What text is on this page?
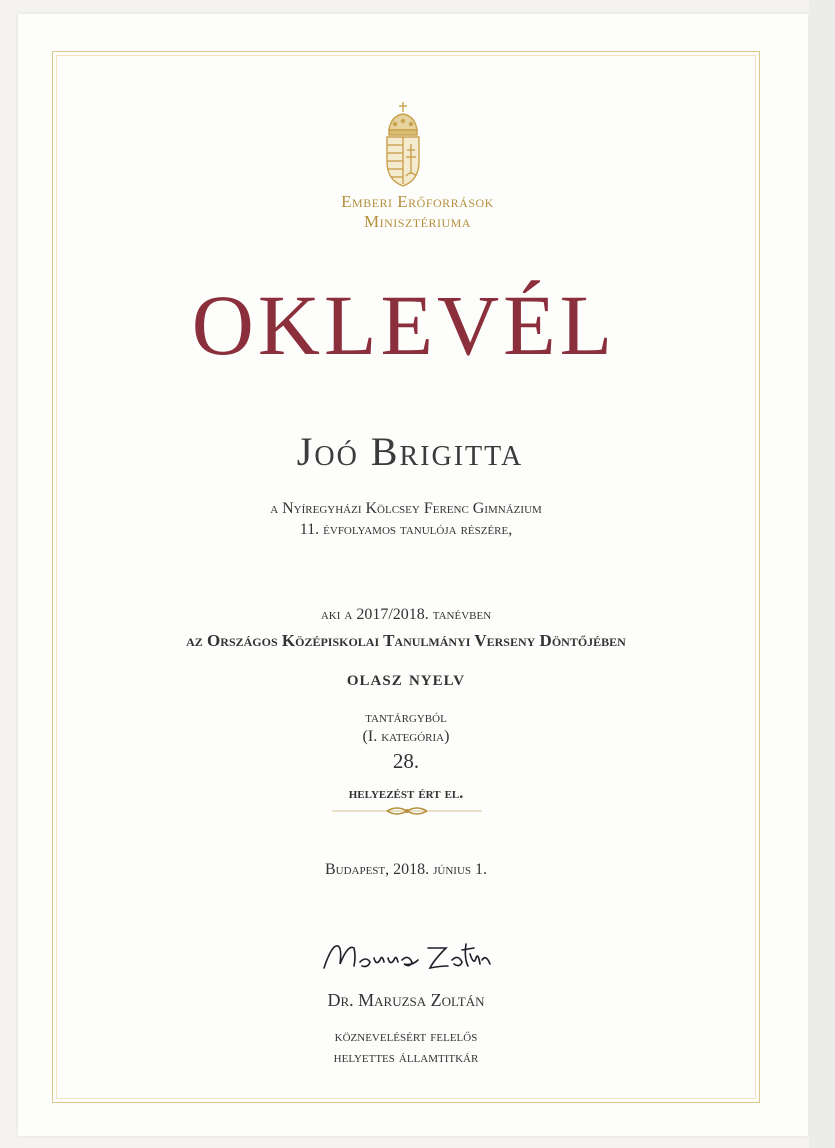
Emberi Erőforrások
Minisztériuma
OKLEVÉL
Joó Brigitta
a Nyíregyházi Kölcsey Ferenc Gimnázium
11. évfolyamos tanulója részére,
aki a 2017/2018. tanévben
az Országos Középiskolai Tanulmányi Verseny Döntőjében
olasz nyelv
tantárgyból
(I. kategória)
28.
helyezést ért el.
Budapest, 2018. június 1.
Dr. Maruzsa Zoltán
köznevelésért felelős
helyettes államtitkár
